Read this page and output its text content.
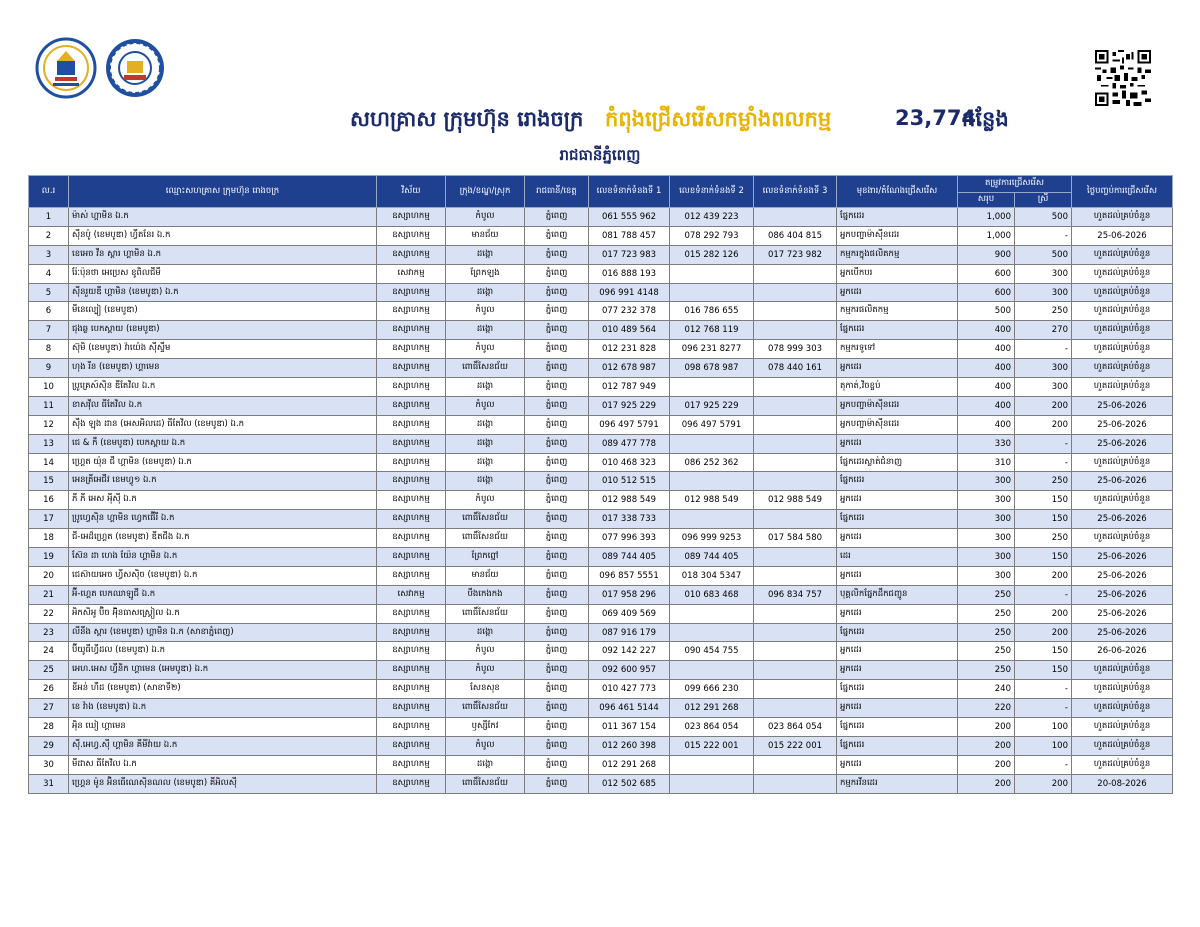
សហគ្រាស ក្រុមហ៊ុន រោងចក្រ កំពុងជ្រើសរើសកម្លាំងពលកម្ម	23,774
កន្លែង
រាជធានីភ្នំពេញ
ល.រ	ឈ្មោះសហគ្រាស ក្រុមហ៊ុន រោងចក្រ	វិស័យ	ក្រុង/ខណ្ឌ/ស្រុក	រាជធានី/ខេត្ត	លេខទំនាក់ទំនងទី 1	លេខទំនាក់ទំនងទី 2	លេខទំនាក់ទំនងទី 3	មុខងារ/តំណែងជ្រើសរើស	តម្រូវការជ្រើសរើស		ថ្ងៃបញ្ចប់ការជ្រើសរើស
									សរុប	ស្រី	
1	ម៉ាស់ ហ្គាមិន ឯ.ក	ឧស្សាហកម្ម	កំបូល	ភ្នំពេញ	061 555 962	012 439 223		ផ្នែកដេរ	1,000	500	ហួតដល់គ្រប់ចំនួន
2	ស៊ីនប៉ូ (ខេមបូឌា) ហ្វីតនែរ ឯ.ក	ឧស្សាហកម្ម	មានជ័យ	ភ្នំពេញ	081 788 457	078 292 793	086 404 815	អ្នកបញ្ជាម៉ាស៊ីនដេរ	1,000	-	25-06-2026
3	ខេអេច វីន ស្តារ ហ្គាមិន ឯ.ក	ឧស្សាហកម្ម	ដង្កោ	ភ្នំពេញ	017 723 983	015 282 126	017 723 982	កម្មករក្នុងផលិតកម្ម	900	500	ហួតដល់គ្រប់ចំនួន
4	រ៉ែៈប៉ុនថា អេប្រេស ខូពិលជីមី	សេវាកម្ម	ព្រែកឡង	ភ្នំពេញ	016 888 193			អ្នកបើកបរ	600	300	ហួតដល់គ្រប់ចំនួន
5	ស៊ីនរួយឌី ហ្គាមិន (ខេមបូឌា) ឯ.ក	ឧស្សាហកម្ម	ដង្កោ	ភ្នំពេញ	096 991 4148			អ្នកដេរ	600	300	ហួតដល់គ្រប់ចំនួន
6	មីនេល្បៀ (ខេមបូឌា)	ឧស្សាហកម្ម	កំបូល	ភ្នំពេញ	077 232 378	016 786 655		កម្មករផលិតកម្ម	500	250	ហួតដល់គ្រប់ចំនួន
7	ជុងឆ្ង បេកស្តាយ (ខេមបូឌា)	ឧស្សាហកម្ម	ដង្កោ	ភ្នំពេញ	010 489 564	012 768 119		ផ្នែកដេរ	400	270	ហួតដល់គ្រប់ចំនួន
8	ស៊ុមិ (ខេមបូឌា) វ៉ាយ៉េង ស៊ីស្ទឹម	ឧស្សាហកម្ម	កំបូល	ភ្នំពេញ	012 231 828	096 231 8277	078 999 303	កម្មករទូទៅ	400	-	ហួតដល់គ្រប់ចំនួន
9	ហុង រីន (ខេមបូឌា) ហ្គាមេន	ឧស្សាហកម្ម	ពោធិ៍សែនជ័យ	ភ្នំពេញ	012 678 987	098 678 987	078 440 161	អ្នកដេរ	400	300	ហួតដល់គ្រប់ចំនួន
10	ប្រូគ្រេស៍ស៊ិន ឌីតែវិល ឯ.ក	ឧស្សាហកម្ម	ដង្កោ	ភ្នំពេញ	012 787 949			តុកាត់,វិចខ្ចប់	400	300	ហួតដល់គ្រប់ចំនួន
11	ខាសវ៉ីល ធីតែវិល ឯ.ក	ឧស្សាហកម្ម	កំបូល	ភ្នំពេញ	017 925 229	017 925 229		អ្នកបញ្ជាម៉ាស៊ីនដេរ	400	200	25-06-2026
12	ស៊ឹង ឡុង ដាន (អេសអិលដេ) ធីតែវិល (ខេមបូឌា) ឯ.ក	ឧស្សាហកម្ម	ដង្កោ	ភ្នំពេញ	096 497 5791	096 497 5791		អ្នកបញ្ជាម៉ាស៊ីនដេរ	400	200	25-06-2026
13	ជេ & កឹ (ខេមបូឌា) បេកស្តាយ ឯ.ក	ឧស្សាហកម្ម	ដង្កោ	ភ្នំពេញ	089 477 778			អ្នកដេរ	330	-	25-06-2026
14	ហ្គ្រេត យ៉ុន ជី ហ្គាមិន (ខេមបូឌា) ឯ.ក	ឧស្សាហកម្ម	ដង្កោ	ភ្នំពេញ	010 468 323	086 252 362		ផ្នែកដេរស្លាត់ជំនាញ	310	-	ហួតដល់គ្រប់ចំនួន
15	អេនត្រីអេជីវ ខេមហ្វូ១ ឯ.ក	ឧស្សាហកម្ម	ដង្កោ	ភ្នំពេញ	010 512 515			ផ្នែកដេរ	300	250	25-06-2026
16	ភី ភី អេស អុីស៊ី ឯ.ក	ឧស្សាហកម្ម	កំបូល	ភ្នំពេញ	012 988 549	012 988 549	012 988 549	អ្នកដេរ	300	150	ហួតដល់គ្រប់ចំនួន
17	ប្រូហ្វេស៊ិន ហ្គាមិន ហ្វេកផ៊ើរី ឯ.ក	ឧស្សាហកម្ម	ពោធិ៍សែនជ័យ	ភ្នំពេញ	017 338 733			ផ្នែកដេរ	300	150	25-06-2026
18	ជី-អេដ៏ហ្គ្រេត (ខេមបូឌា) ឌីតជីង ឯ.ក	ឧស្សាហកម្ម	ពោធិ៍សែនជ័យ	ភ្នំពេញ	077 996 393	096 999 9253	017 584 580	អ្នកដេរ	300	250	ហួតដល់គ្រប់ចំនួន
19	ស៊ែន ដា ហេង យ៉ែន ហ្គាមិន ឯ.ក	ឧស្សាហកម្ម	ព្រែកព្នៅ	ភ្នំពេញ	089 744 405	089 744 405		ដេរ	300	150	25-06-2026
20	ជេស៊ាយអេច ហ្វីសស៊ិច (ខេមបូឌា) ឯ.ក	ឧស្សាហកម្ម	មានជ័យ	ភ្នំពេញ	096 857 5551	018 304 5347		អ្នកដេរ	300	200	25-06-2026
21	អ៊ី-ហ្គេត បេកឈាឡូជី ឯ.ក	សេវាកម្ម	បឹងកេងកង	ភ្នំពេញ	017 958 296	010 683 468	096 834 757	បុគ្គលិកផ្នែកដឹកជញ្ជូន	250	-	25-06-2026
22	អិកសិអូ ប៊ិច អ៊ុិនធាសស្ត្រៀល ឯ.ក	ឧស្សាហកម្ម	ពោធិ៍សែនជ័យ	ភ្នំពេញ	069 409 569			អ្នកដេរ	250	200	25-06-2026
23	លីនីង ស្តារ (ខេមបូឌា) ហ្គាមិន ឯ.ក (សាខាភ្នំពេញ)	ឧស្សាហកម្ម	ដង្កោ	ភ្នំពេញ	087 916 179			ផ្នែកដេរ	250	200	25-06-2026
24	ប៊ីយូធីហ្វីដល (ខេមបូឌា) ឯ.ក	ឧស្សាហកម្ម	កំបូល	ភ្នំពេញ	092 142 227	090 454 755		អ្នកដេរ	250	150	26-06-2026
25	អេហ.អេស ហ្វីនិក ហ្គាមេន (អេមបូឌា) ឯ.ក	ឧស្សាហកម្ម	កំបូល	ភ្នំពេញ	092 600 957			អ្នកដេរ	250	150	ហួតដល់គ្រប់ចំនួន
26	ខីអន់ ហឺដ (ខេមបូឌា) (សាខាទី២)	ឧស្សាហកម្ម	សែនសុខ	ភ្នំពេញ	010 427 773	099 666 230		ផ្នែកដេរ	240	-	ហួតដល់គ្រប់ចំនួន
27	ខេ វ៉ាង (ខេមបូឌា) ឯ.ក	ឧស្សាហកម្ម	ពោធិ៍សែនជ័យ	ភ្នំពេញ	096 461 5144	012 291 268		អ្នកដេរ	220	-	ហួតដល់គ្រប់ចំនួន
28	អុិន ឃៀ ហ្គាមេន	ឧស្សាហកម្ម	ឫស្សីកែវ	ភ្នំពេញ	011 367 154	023 864 054	023 864 054	ផ្នែកដេរ	200	100	ហួតដល់គ្រប់ចំនួន
29	ស៊ី.អេហ្វ.ស៊ី ហ្គាមិន គីមីវ៉ាយ ឯ.ក	ឧស្សាហកម្ម	កំបូល	ភ្នំពេញ	012 260 398	015 222 001	015 222 001	ផ្នែកដេរ	200	100	ហួតដល់គ្រប់ចំនួន
30	មីដាស ធីតែវិល ឯ.ក	ឧស្សាហកម្ម	ដង្កោ	ភ្នំពេញ	012 291 268			អ្នកដេរ	200	-	ហួតដល់គ្រប់ចំនួន
31	ហ្គ្រេន ម៉ូន អ៊ិនធើណេស៊ិនណល (ខេមបូឌា) គីអិលស៊ី	ឧស្សាហកម្ម	ពោធិ៍សែនជ័យ	ភ្នំពេញ	012 502 685			កម្មករវីនដេរ	200	200	20-08-2026
